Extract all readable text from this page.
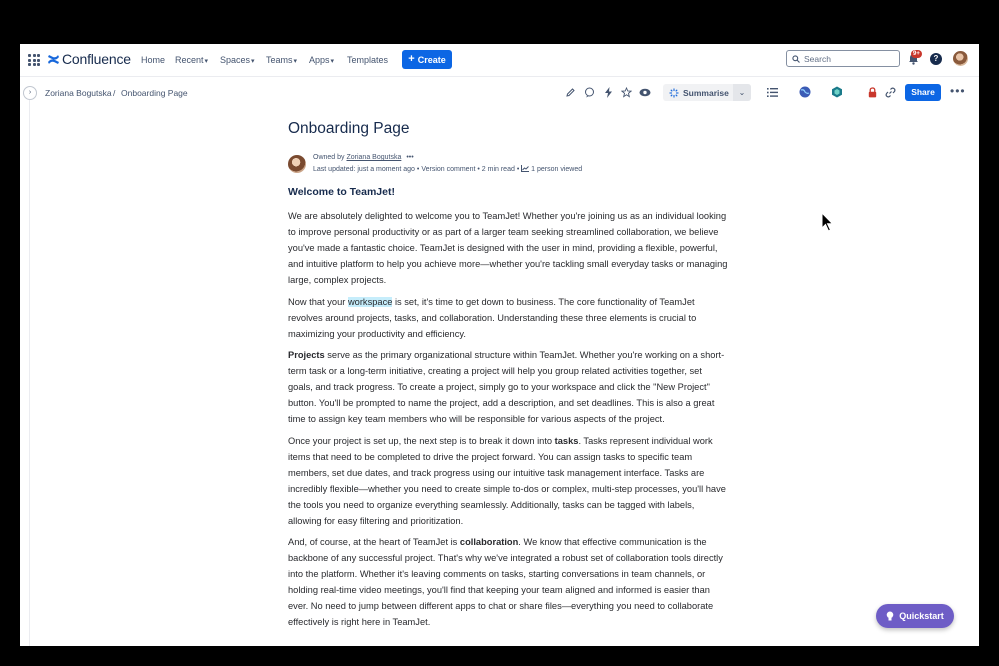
Confluence Home Recent▾ Spaces▾ Teams▾ Apps▾ Templates + Create	Search	9+	?
›	Zoriana Bogutska / Onboarding Page	Summarise	⌄	Share	•••
Onboarding Page
Owned by Zoriana Bogutska •••
Last updated: just a moment ago • Version comment • 2 min read •  1 person viewed
Welcome to TeamJet!

We are absolutely delighted to welcome you to TeamJet! Whether you're joining us as an individual looking to improve personal productivity or as part of a larger team seeking streamlined collaboration, we believe you've made a fantastic choice. TeamJet is designed with the user in mind, providing a flexible, powerful, and intuitive platform to help you achieve more—whether you're tackling small everyday tasks or managing large, complex projects.

Now that your workspace is set, it's time to get down to business. The core functionality of TeamJet revolves around projects, tasks, and collaboration. Understanding these three elements is crucial to maximizing your productivity and efficiency.

Projects serve as the primary organizational structure within TeamJet. Whether you're working on a short-term task or a long-term initiative, creating a project will help you group related activities together, set goals, and track progress. To create a project, simply go to your workspace and click the "New Project" button. You'll be prompted to name the project, add a description, and set deadlines. This is also a great time to assign key team members who will be responsible for various aspects of the project.

Once your project is set up, the next step is to break it down into tasks. Tasks represent individual work items that need to be completed to drive the project forward. You can assign tasks to specific team members, set due dates, and track progress using our intuitive task management interface. Tasks are incredibly flexible—whether you need to create simple to-dos or complex, multi-step processes, you'll have the tools you need to organize everything seamlessly. Additionally, tasks can be tagged with labels, allowing for easy filtering and prioritization.

And, of course, at the heart of TeamJet is collaboration. We know that effective communication is the backbone of any successful project. That's why we've integrated a robust set of collaboration tools directly into the platform. Whether it's leaving comments on tasks, starting conversations in team channels, or holding real-time video meetings, you'll find that keeping your team aligned and informed is easier than ever. No need to jump between different apps to chat or share files—everything you need to collaborate effectively is right here in TeamJet.

Quickstart
